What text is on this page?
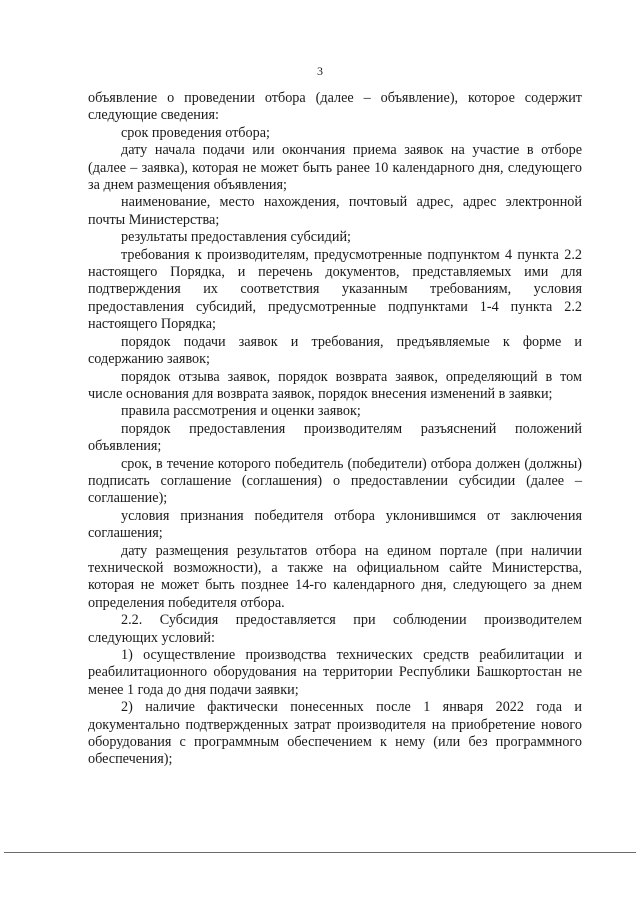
3

объявление о проведении отбора (далее – объявление), которое содержит следующие сведения:

срок проведения отбора;

дату начала подачи или окончания приема заявок на участие в отборе (далее – заявка), которая не может быть ранее 10 календарного дня, следующего за днем размещения объявления;

наименование, место нахождения, почтовый адрес, адрес электронной почты Министерства;

результаты предоставления субсидий;

требования к производителям, предусмотренные подпунктом 4 пункта 2.2 настоящего Порядка, и перечень документов, представляемых ими для подтверждения их соответствия указанным требованиям, условия предоставления субсидий, предусмотренные подпунктами 1-4 пункта 2.2 настоящего Порядка;

порядок подачи заявок и требования, предъявляемые к форме и содержанию заявок;

порядок отзыва заявок, порядок возврата заявок, определяющий в том числе основания для возврата заявок, порядок внесения изменений в заявки;

правила рассмотрения и оценки заявок;

порядок предоставления производителям разъяснений положений объявления;

срок, в течение которого победитель (победители) отбора должен (должны) подписать соглашение (соглашения) о предоставлении субсидии (далее – соглашение);

условия признания победителя отбора уклонившимся от заключения соглашения;

дату размещения результатов отбора на едином портале (при наличии технической возможности), а также на официальном сайте Министерства, которая не может быть позднее 14-го календарного дня, следующего за днем определения победителя отбора.

2.2. Субсидия предоставляется при соблюдении производителем следующих условий:

1) осуществление производства технических средств реабилитации и реабилитационного оборудования на территории Республики Башкортостан не менее 1 года до дня подачи заявки;

2) наличие фактически понесенных после 1 января 2022 года и документально подтвержденных затрат производителя на приобретение нового оборудования с программным обеспечением к нему (или без программного обеспечения);
